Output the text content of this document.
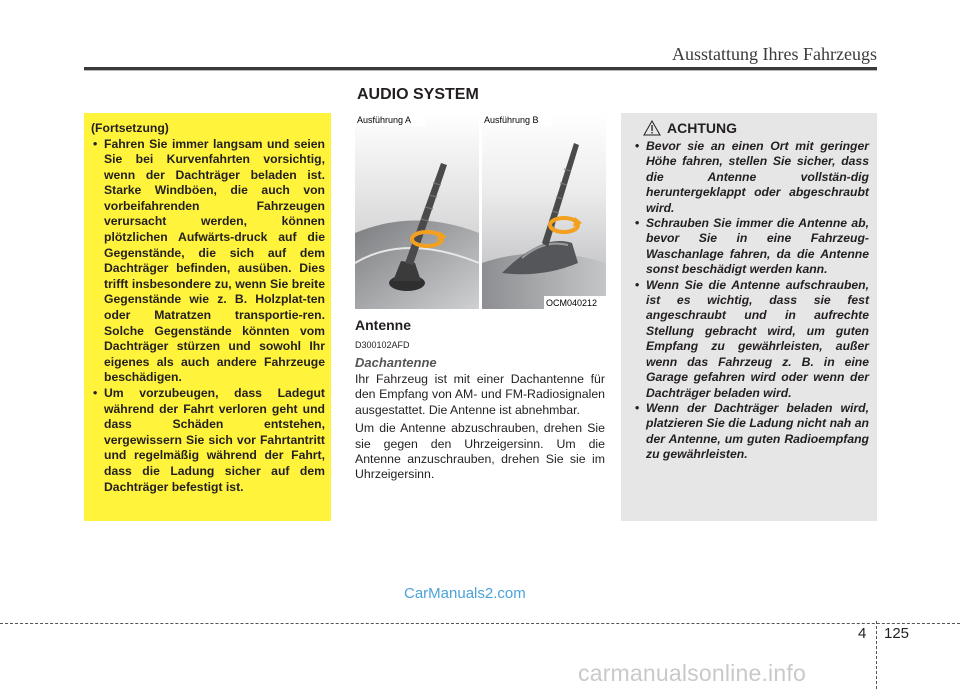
Ausstattung Ihres Fahrzeugs
AUDIO SYSTEM
(Fortsetzung)
• Fahren Sie immer langsam und seien Sie bei Kurvenfahrten vorsichtig, wenn der Dachträger beladen ist. Starke Windböen, die auch von vorbeifahrenden Fahrzeugen verursacht werden, können plötzlichen Aufwärts-druck auf die Gegenstände, die sich auf dem Dachträger befinden, ausüben. Dies trifft insbesondere zu, wenn Sie breite Gegenstände wie z. B. Holzplat-ten oder Matratzen transportie-ren. Solche Gegenstände könnten vom Dachträger stürzen und sowohl Ihr eigenes als auch andere Fahrzeuge beschädigen.
• Um vorzubeugen, dass Ladegut während der Fahrt verloren geht und dass Schäden entstehen, vergewissern Sie sich vor Fahrtantritt und regelmäßig während der Fahrt, dass die Ladung sicher auf dem Dachträger befestigt ist.
Ausführung A	Ausführung B
OCM040212
Antenne
D300102AFD
Dachantenne

Ihr Fahrzeug ist mit einer Dachantenne für den Empfang von AM- und FM-Radiosignalen ausgestattet. Die Antenne ist abnehmbar.

Um die Antenne abzuschrauben, drehen Sie sie gegen den Uhrzeigersinn. Um die Antenne anzuschrauben, drehen Sie sie im Uhrzeigersinn.

ACHTUNG
• Bevor sie an einen Ort mit geringer Höhe fahren, stellen Sie sicher, dass die Antenne vollstän-dig heruntergeklappt oder abgeschraubt wird.
• Schrauben Sie immer die Antenne ab, bevor Sie in eine Fahrzeug-Waschanlage fahren, da die Antenne sonst beschädigt werden kann.
• Wenn Sie die Antenne aufschrauben, ist es wichtig, dass sie fest angeschraubt und in aufrechte Stellung gebracht wird, um guten Empfang zu gewährleisten, außer wenn das Fahrzeug z. B. in eine Garage gefahren wird oder wenn der Dachträger beladen wird.
• Wenn der Dachträger beladen wird, platzieren Sie die Ladung nicht nah an der Antenne, um guten Radioempfang zu gewährleisten.
CarManuals2.com
4 125
carmanualsonline.info
